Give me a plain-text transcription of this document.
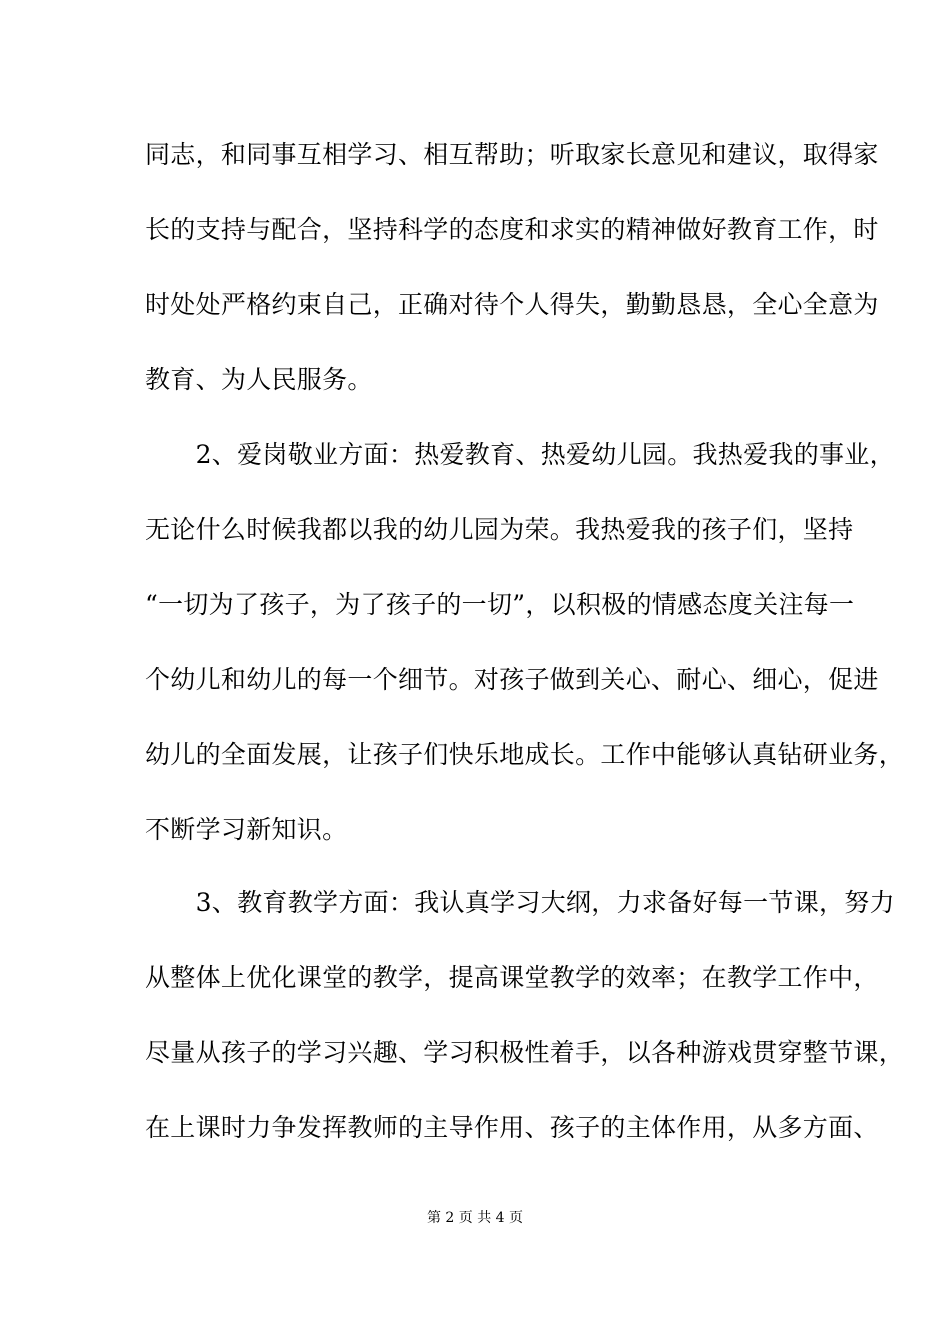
同志，和同事互相学习、相互帮助；听取家长意见和建议，取得家
长的支持与配合，坚持科学的态度和求实的精神做好教育工作，时
时处处严格约束自己，正确对待个人得失，勤勤恳恳，全心全意为
教育、为人民服务。
　　2、爱岗敬业方面：热爱教育、热爱幼儿园。我热爱我的事业，
无论什么时候我都以我的幼儿园为荣。我热爱我的孩子们，坚持
“一切为了孩子，为了孩子的一切”，以积极的情感态度关注每一
个幼儿和幼儿的每一个细节。对孩子做到关心、耐心、细心，促进
幼儿的全面发展，让孩子们快乐地成长。工作中能够认真钻研业务，
不断学习新知识。
　　3、教育教学方面：我认真学习大纲，力求备好每一节课，努力
从整体上优化课堂的教学，提高课堂教学的效率；在教学工作中，
尽量从孩子的学习兴趣、学习积极性着手，以各种游戏贯穿整节课，
在上课时力争发挥教师的主导作用、孩子的主体作用，从多方面、
第 2 页 共 4 页
